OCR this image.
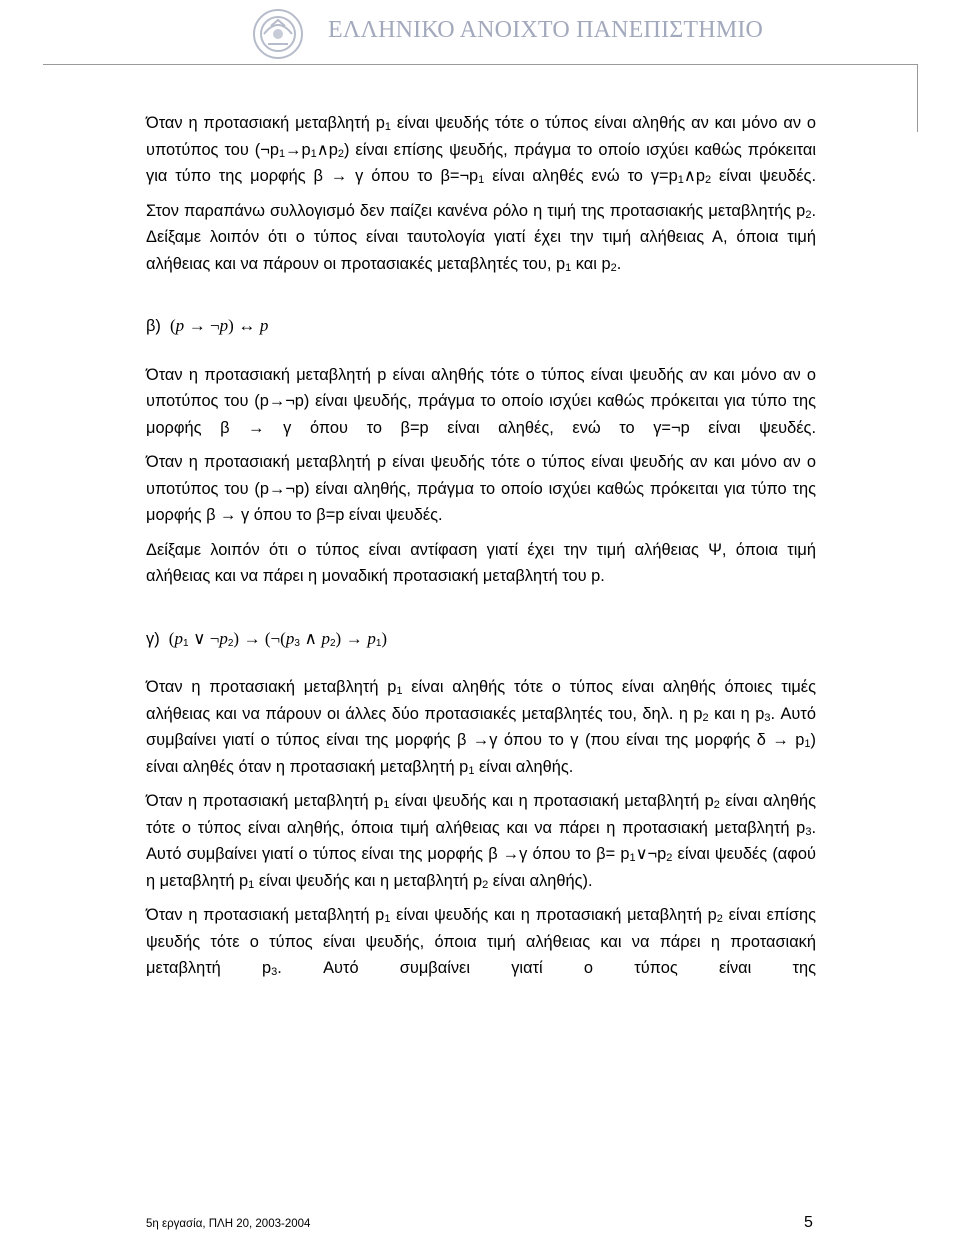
ΕΛΛΗΝΙΚΟ ΑΝΟΙΧΤΟ ΠΑΝΕΠΙΣΤΗΜΙΟ

Όταν η προτασιακή μεταβλητή $p_1$ είναι ψευδής τότε ο τύπος είναι αληθής αν και μόνο αν ο υποτύπος του $(\neg p_1\to p_1\wedge p_2)$ είναι επίσης ψευδής, πράγμα το οποίο ισχύει καθώς πρόκειται για τύπο της μορφής β → γ όπου το $\beta=\neg p_1$ είναι αληθές ενώ το $\gamma=p_1\wedge p_2$ είναι ψευδές.

Στον παραπάνω συλλογισμό δεν παίζει κανένα ρόλο η τιμή της προτασιακής μεταβλητής $p_2$. Δείξαμε λοιπόν ότι ο τύπος είναι ταυτολογία γιατί έχει την τιμή αλήθειας Α, όποια τιμή αλήθειας και να πάρουν οι προτασιακές μεταβλητές του, $p_1$ και $p_2$.

β) (p → ¬p) ↔ p

Όταν η προτασιακή μεταβλητή p είναι αληθής τότε ο τύπος είναι ψευδής αν και μόνο αν ο υποτύπος του (p→¬p) είναι ψευδής, πράγμα το οποίο ισχύει καθώς πρόκειται για τύπο της μορφής β → γ όπου το β=p είναι αληθές, ενώ το γ=¬p είναι ψευδές.

Όταν η προτασιακή μεταβλητή p είναι ψευδής τότε ο τύπος είναι ψευδής αν και μόνο αν ο υποτύπος του (p→¬p) είναι αληθής, πράγμα το οποίο ισχύει καθώς πρόκειται για τύπο της μορφής β → γ όπου το β=p είναι ψευδές.

Δείξαμε λοιπόν ότι ο τύπος είναι αντίφαση γιατί έχει την τιμή αλήθειας Ψ, όποια τιμή αλήθειας και να πάρει η μοναδική προτασιακή μεταβλητή του p.

γ) ($p_1$ ∨ $\neg p_2$) → ($\neg(p_3$ ∧ $p_2) \to p_1$)

Όταν η προτασιακή μεταβλητή $p_1$ είναι αληθής τότε ο τύπος είναι αληθής όποιες τιμές αλήθειας και να πάρουν οι άλλες δύο προτασιακές μεταβλητές του, δηλ. η $p_2$ και η $p_3$. Αυτό συμβαίνει γιατί ο τύπος είναι της μορφής β →γ όπου το γ (που είναι της μορφής $\delta \to p_1$) είναι αληθές όταν η προτασιακή μεταβλητή $p_1$ είναι αληθής.

Όταν η προτασιακή μεταβλητή $p_1$ είναι ψευδής και η προτασιακή μεταβλητή $p_2$ είναι αληθής τότε ο τύπος είναι αληθής, όποια τιμή αλήθειας και να πάρει η προτασιακή μεταβλητή $p_3$. Αυτό συμβαίνει γιατί ο τύπος είναι της μορφής β →γ όπου το $\beta= p_1\vee\neg p_2$ είναι ψευδές (αφού η μεταβλητή $p_1$ είναι ψευδής και η μεταβλητή $p_2$ είναι αληθής).

Όταν η προτασιακή μεταβλητή $p_1$ είναι ψευδής και η προτασιακή μεταβλητή $p_2$ είναι επίσης ψευδής τότε ο τύπος είναι ψευδής, όποια τιμή αλήθειας και να πάρει η προτασιακή μεταβλητή $p_3$. Αυτό συμβαίνει γιατί ο τύπος είναι της

5η εργασία, ΠΛΗ 20, 2003-2004	5
